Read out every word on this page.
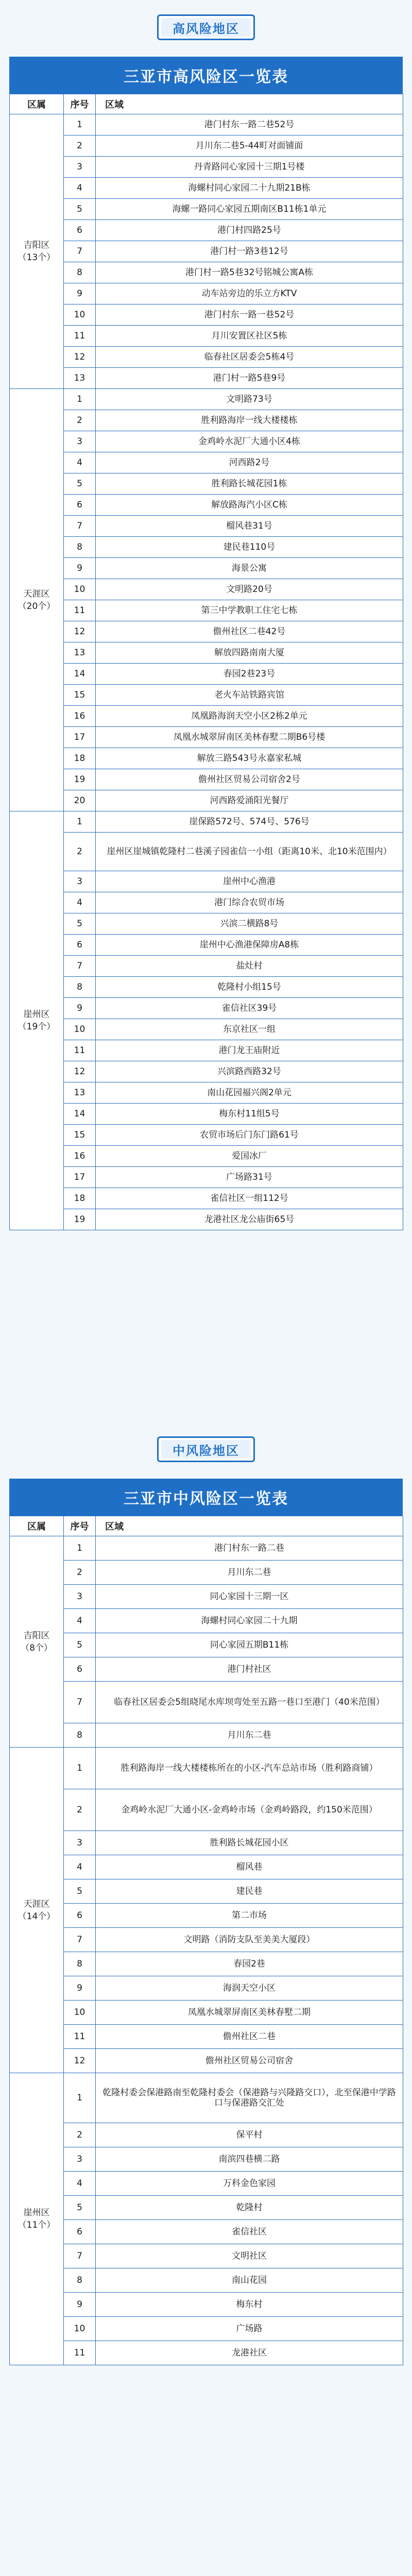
高风险地区
三亚市高风险区一览表
区属	序号	区域

吉阳区
（13个）	1	港门村东一路二巷52号
	2	月川东二巷5-44町对面铺面
	3	丹青路同心家园十三期1号楼
	4	海螺村同心家园二十九期21B栋
	5	海螺一路同心家园五期南区B11栋1单元
	6	港门村四路25号
	7	港门村一路3巷12号
	8	港门村一路5巷32号铭城公寓A栋
	9	动车站旁边的乐立方KTV
	10	港门村东一路一巷52号
	11	月川安置区社区5栋
	12	临春社区居委会5栋4号
	13	港门村一路5巷9号

天涯区
（20个）	1	文明路73号
	2	胜利路海岸一线大楼楼栋
	3	金鸡岭水泥厂大通小区4栋
	4	河西路2号
	5	胜利路长城花园1栋
	6	解放路海汽小区C栋
	7	榴风巷31号
	8	建民巷110号
	9	海景公寓
	10	文明路20号
	11	第三中学教职工住宅七栋
	12	儋州社区二巷42号
	13	解放四路南南大厦
	14	春园2巷23号
	15	老火车站铁路宾馆
	16	凤凰路海润天空小区2栋2单元
	17	凤凰水城翠屏南区美林春墅二期B6号楼
	18	解放三路543号永嘉家私城
	19	儋州社区贸易公司宿舍2号
	20	河西路爱涌阳光餐厅

崖州区
（19个）	1	崖保路572号、574号、576号
	2	崖州区崖城镇乾隆村二巷溪子园雀信一小组（距离10米、北10米范围内）
	3	崖州中心渔港
	4	港门综合农贸市场
	5	兴滨二横路8号
	6	崖州中心渔港保障房A8栋
	7	盐灶村
	8	乾隆村小组15号
	9	雀信社区39号
	10	东京社区一组
	11	港门龙王庙附近
	12	兴滨路西路32号
	13	南山花园福兴阁2单元
	14	梅东村11组5号
	15	农贸市场后门东门路61号
	16	爱国冰厂
	17	广场路31号
	18	雀信社区一组112号
	19	龙港社区龙公庙街65号
中风险地区
三亚市中风险区一览表
区属	序号	区域

吉阳区
（8个）	1	港门村东一路二巷
	2	月川东二巷
	3	同心家园十三期一区
	4	海螺村同心家园二十九期
	5	同心家园五期B11栋
	6	港门村社区
	7	临春社区居委会5组晓尾水库坝弯处至五路一巷口至港门（40米范围）
	8	月川东二巷

天涯区
（14个）	1	胜利路海岸一线大楼楼栋所在的小区-汽车总站市场（胜利路商铺）
	2	金鸡岭水泥厂大通小区-金鸡岭市场（金鸡岭路段，约150米范围）
	3	胜利路长城花园小区
	4	榴风巷
	5	建民巷
	6	第二市场
	7	文明路（消防支队至美美大厦段）
	8	春园2巷
	9	海润天空小区
	10	凤凰水城翠屏南区美林春墅二期
	11	儋州社区二巷
	12	儋州社区贸易公司宿舍

崖州区
（11个）	1	乾隆村委会保港路南至乾隆村委会（保港路与兴隆路交口），北至保港中学路口与保港路交汇处
	2	保平村
	3	南滨四巷横二路
	4	万科金色家园
	5	乾隆村
	6	雀信社区
	7	文明社区
	8	南山花园
	9	梅东村
	10	广场路
	11	龙港社区
